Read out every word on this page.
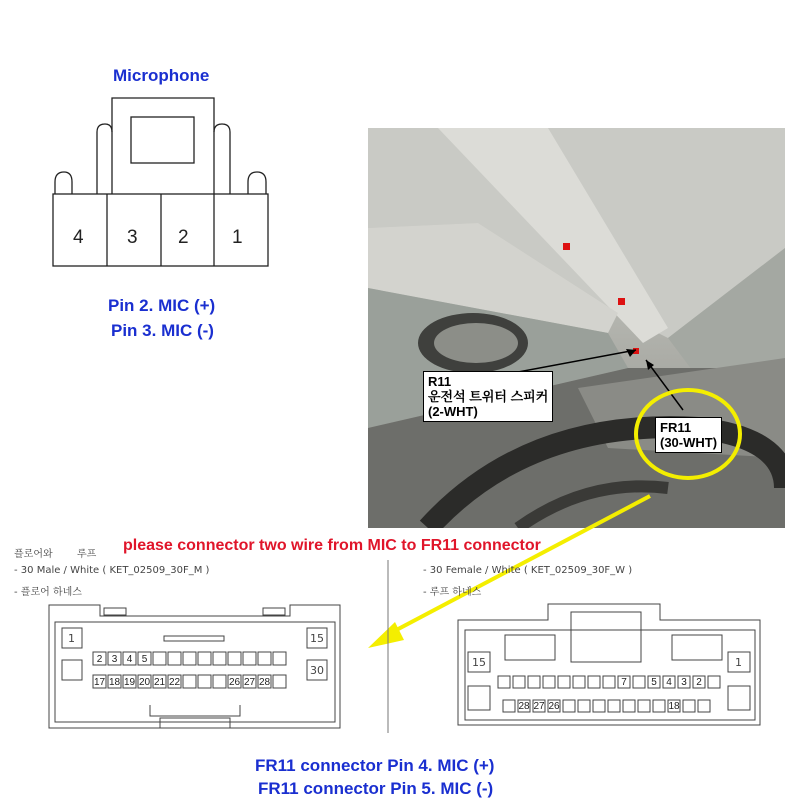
Microphone
4 3 2 1
Pin 2. MIC (+)
Pin 3. MIC (-)
R11
운전석 트위터 스피커
(2-WHT)
FR11
(30-WHT)
please connector two wire from MIC to FR11 connector
플로어와 루프
- 30 Male / White ( KET_02509_30F_M )
- 플로어 하네스
2 3 4 5
17 18 19 20 21 22	26 27 28
1	15
30
- 30 Female / White ( KET_02509_30F_W )
- 루프 하네스
7 5 4 3 2
28 27 26	18
15	1
FR11 connector Pin 4. MIC (+)
FR11 connector Pin 5. MIC (-)
